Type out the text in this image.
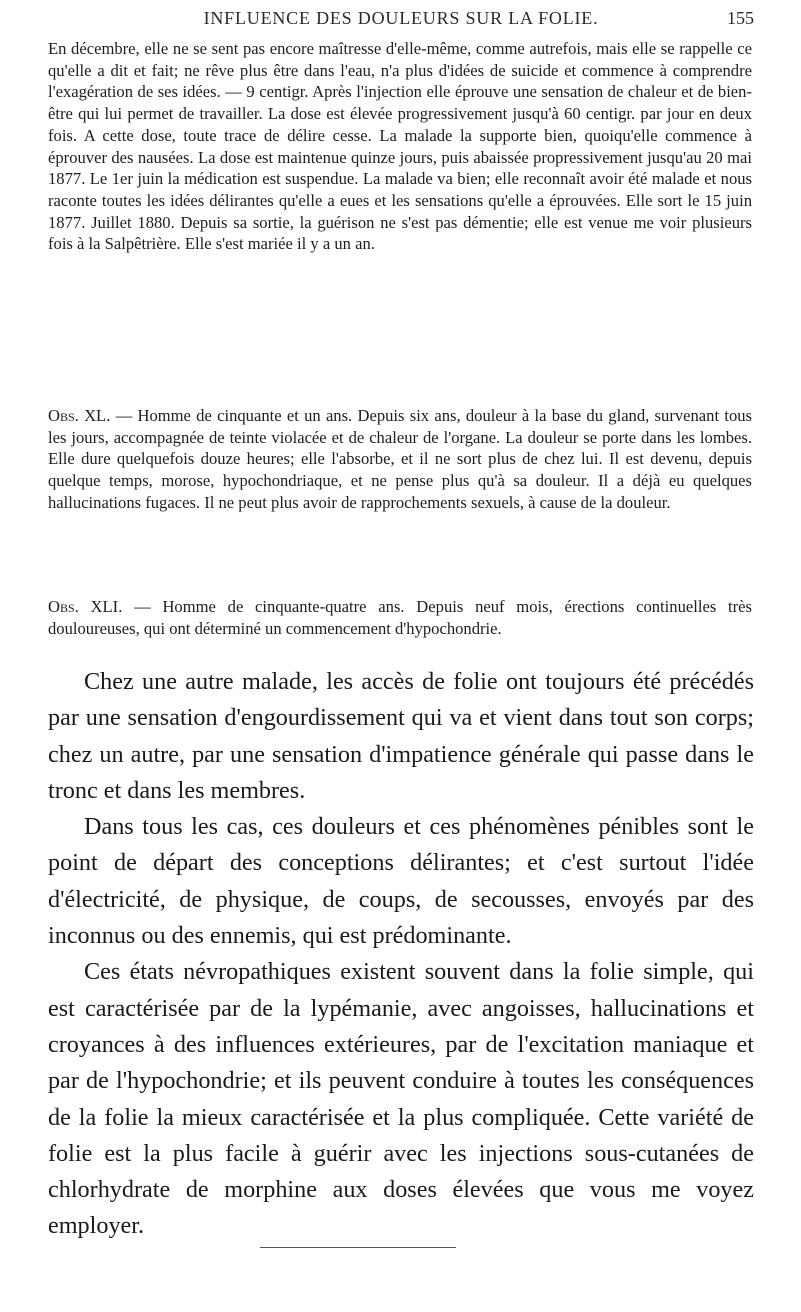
INFLUENCE DES DOULEURS SUR LA FOLIE.	155

En décembre, elle ne se sent pas encore maîtresse d'elle-même, comme autrefois, mais elle se rappelle ce qu'elle a dit et fait; ne rêve plus être dans l'eau, n'a plus d'idées de suicide et commence à comprendre l'exagération de ses idées. — 9 centigr. Après l'injection elle éprouve une sensation de chaleur et de bien-être qui lui permet de travailler. La dose est élevée progressivement jusqu'à 60 centigr. par jour en deux fois. A cette dose, toute trace de délire cesse. La malade la supporte bien, quoiqu'elle commence à éprouver des nausées. La dose est maintenue quinze jours, puis abaissée propressivement jusqu'au 20 mai 1877. Le 1er juin la médication est suspendue. La malade va bien; elle reconnaît avoir été malade et nous raconte toutes les idées délirantes qu'elle a eues et les sensations qu'elle a éprouvées. Elle sort le 15 juin 1877. Juillet 1880. Depuis sa sortie, la guérison ne s'est pas démentie; elle est venue me voir plusieurs fois à la Salpêtrière. Elle s'est mariée il y a un an.

Obs. XL. — Homme de cinquante et un ans. Depuis six ans, douleur à la base du gland, survenant tous les jours, accompagnée de teinte violacée et de chaleur de l'organe. La douleur se porte dans les lombes. Elle dure quelquefois douze heures; elle l'absorbe, et il ne sort plus de chez lui. Il est devenu, depuis quelque temps, morose, hypochondriaque, et ne pense plus qu'à sa douleur. Il a déjà eu quelques hallucinations fugaces. Il ne peut plus avoir de rapprochements sexuels, à cause de la douleur.

Obs. XLI. — Homme de cinquante-quatre ans. Depuis neuf mois, érections continuelles très douloureuses, qui ont déterminé un commencement d'hypochondrie.

Chez une autre malade, les accès de folie ont toujours été précédés par une sensation d'engourdissement qui va et vient dans tout son corps; chez un autre, par une sensation d'impatience générale qui passe dans le tronc et dans les membres.

Dans tous les cas, ces douleurs et ces phénomènes pénibles sont le point de départ des conceptions délirantes; et c'est surtout l'idée d'électricité, de physique, de coups, de secousses, envoyés par des inconnus ou des ennemis, qui est prédominante.

Ces états névropathiques existent souvent dans la folie simple, qui est caractérisée par de la lypémanie, avec angoisses, hallucinations et croyances à des influences extérieures, par de l'excitation maniaque et par de l'hypochondrie; et ils peuvent conduire à toutes les conséquences de la folie la mieux caractérisée et la plus compliquée. Cette variété de folie est la plus facile à guérir avec les injections sous-cutanées de chlorhydrate de morphine aux doses élevées que vous me voyez employer.
